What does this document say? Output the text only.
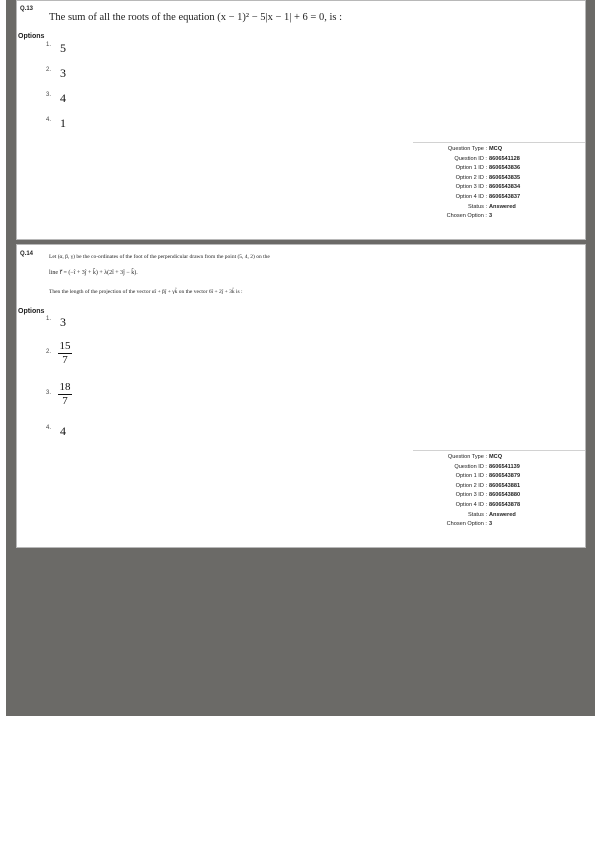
Q.13
The sum of all the roots of the equation (x − 1)² − 5|x − 1| + 6 = 0, is :
Options
1. 5
2. 3
3. 4
4. 1
Question Type : MCQ
Question ID : 8606541128
Option 1 ID : 8606543836
Option 2 ID : 8606543835
Option 3 ID : 8606543834
Option 4 ID : 8606543837
Status : Answered
Chosen Option : 3
Q.14	Let (α, β, γ) be the co-ordinates of the foot of the perpendicular drawn from the point (5, 4, 2) on the
line r⃗ = (−î + 3ĵ + k̂) + λ(2î + 3ĵ − k̂).
Then the length of the projection of the vector αî + βĵ + γk̂ on the vector 6î + 2ĵ + 3k̂ is :
Options
1. 3
2. 15
7
3. 18
7
4. 4
Question Type : MCQ
Question ID : 8606541139
Option 1 ID : 8606543879
Option 2 ID : 8606543881
Option 3 ID : 8606543880
Option 4 ID : 8606543878
Status : Answered
Chosen Option : 3
